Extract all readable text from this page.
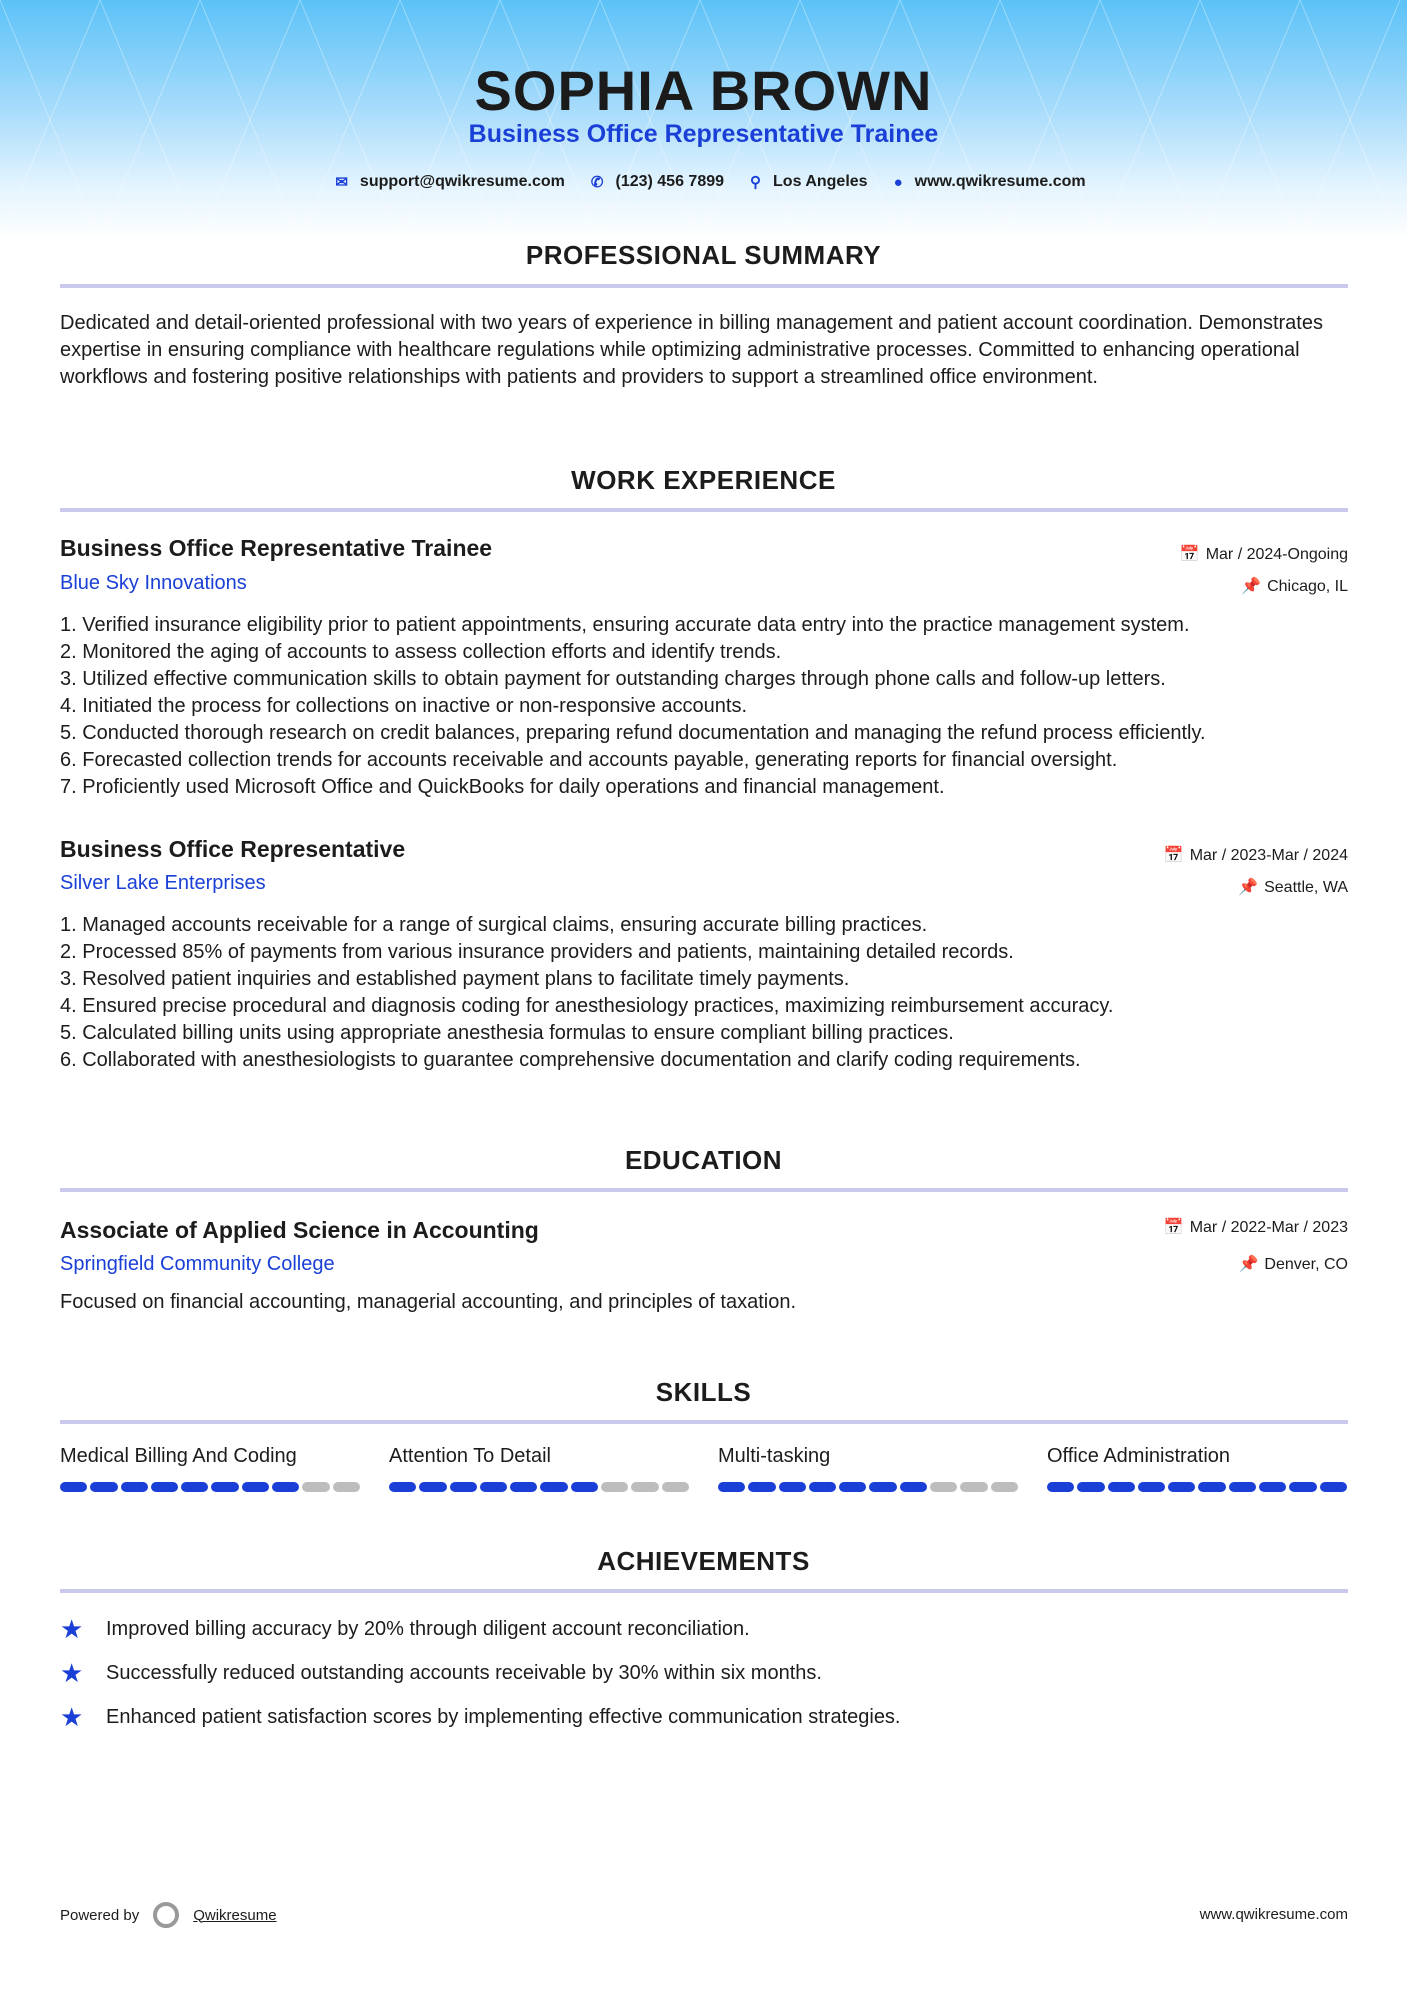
SOPHIA BROWN
Business Office Representative Trainee
✉ support@qwikresume.com ✆ (123) 456 7899 ⚲ Los Angeles ● www.qwikresume.com
PROFESSIONAL SUMMARY
Dedicated and detail-oriented professional with two years of experience in billing management and patient account coordination. Demonstrates expertise in ensuring compliance with healthcare regulations while optimizing administrative processes. Committed to enhancing operational workflows and fostering positive relationships with patients and providers to support a streamlined office environment.
WORK EXPERIENCE
Business Office Representative Trainee	📅 Mar / 2024-Ongoing
Blue Sky Innovations	📌 Chicago, IL
1. Verified insurance eligibility prior to patient appointments, ensuring accurate data entry into the practice management system.
2. Monitored the aging of accounts to assess collection efforts and identify trends.
3. Utilized effective communication skills to obtain payment for outstanding charges through phone calls and follow-up letters.
4. Initiated the process for collections on inactive or non-responsive accounts.
5. Conducted thorough research on credit balances, preparing refund documentation and managing the refund process efficiently.
6. Forecasted collection trends for accounts receivable and accounts payable, generating reports for financial oversight.
7. Proficiently used Microsoft Office and QuickBooks for daily operations and financial management.
Business Office Representative	📅 Mar / 2023-Mar / 2024
Silver Lake Enterprises	📌 Seattle, WA
1. Managed accounts receivable for a range of surgical claims, ensuring accurate billing practices.
2. Processed 85% of payments from various insurance providers and patients, maintaining detailed records.
3. Resolved patient inquiries and established payment plans to facilitate timely payments.
4. Ensured precise procedural and diagnosis coding for anesthesiology practices, maximizing reimbursement accuracy.
5. Calculated billing units using appropriate anesthesia formulas to ensure compliant billing practices.
6. Collaborated with anesthesiologists to guarantee comprehensive documentation and clarify coding requirements.
EDUCATION
Associate of Applied Science in Accounting	📅 Mar / 2022-Mar / 2023
Springfield Community College	📌 Denver, CO
Focused on financial accounting, managerial accounting, and principles of taxation.
SKILLS
Medical Billing And Coding	Attention To Detail	Multi-tasking	Office Administration
ACHIEVEMENTS
★	Improved billing accuracy by 20% through diligent account reconciliation.
★	Successfully reduced outstanding accounts receivable by 30% within six months.
★	Enhanced patient satisfaction scores by implementing effective communication strategies.
Powered by	Qwikresume	www.qwikresume.com
